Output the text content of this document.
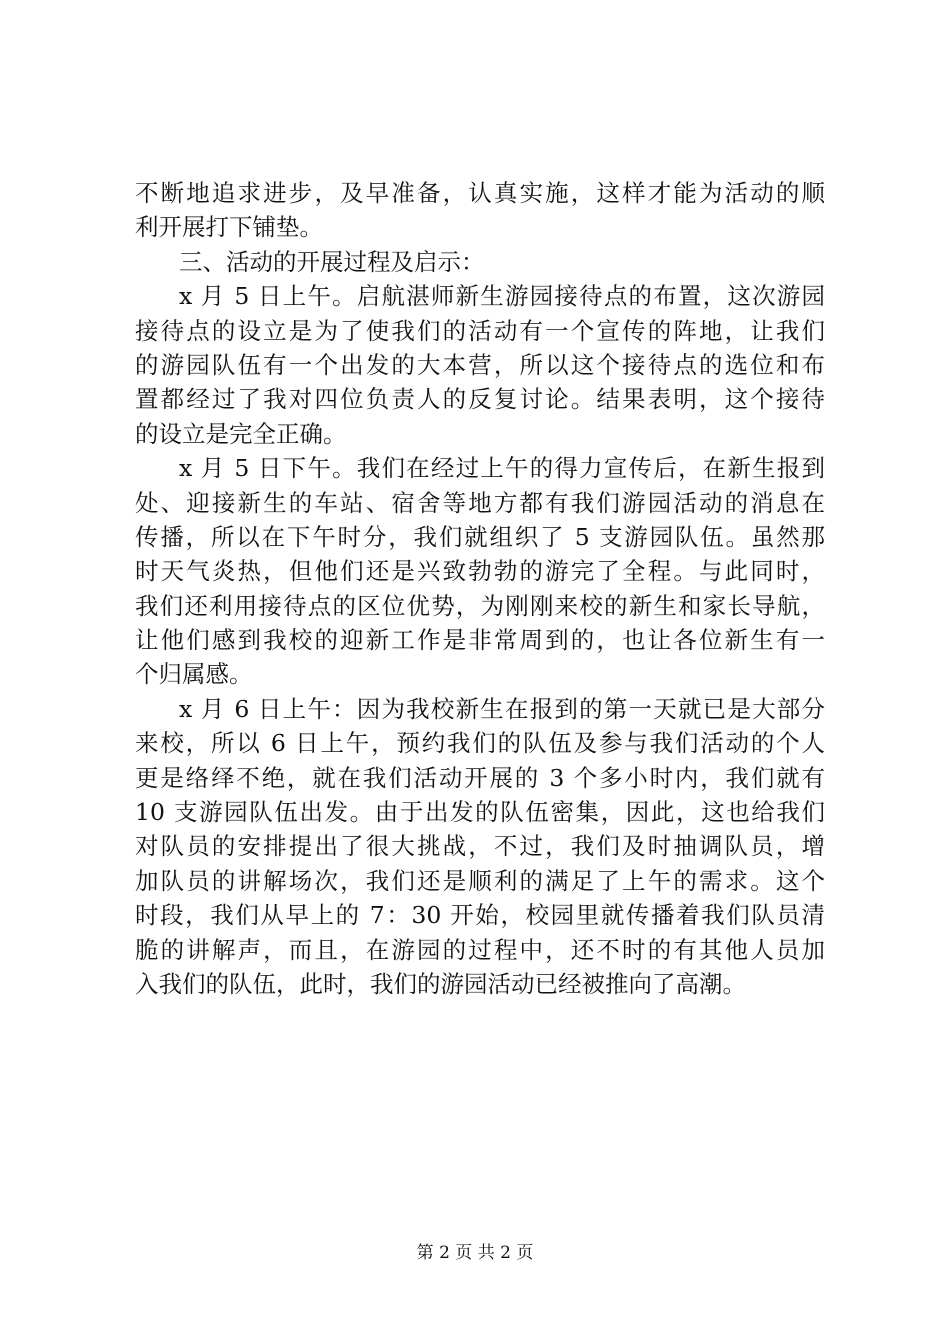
不断地追求进步，及早准备，认真实施，这样才能为活动的顺
利开展打下铺垫。
三、活动的开展过程及启示：
x 月 5 日上午。启航湛师新生游园接待点的布置，这次游园
接待点的设立是为了使我们的活动有一个宣传的阵地，让我们
的游园队伍有一个出发的大本营，所以这个接待点的选位和布
置都经过了我对四位负责人的反复讨论。结果表明，这个接待
的设立是完全正确。
x 月 5 日下午。我们在经过上午的得力宣传后，在新生报到
处、迎接新生的车站、宿舍等地方都有我们游园活动的消息在
传播，所以在下午时分，我们就组织了 5 支游园队伍。虽然那
时天气炎热，但他们还是兴致勃勃的游完了全程。与此同时，
我们还利用接待点的区位优势，为刚刚来校的新生和家长导航，
让他们感到我校的迎新工作是非常周到的，也让各位新生有一
个归属感。
x 月 6 日上午：因为我校新生在报到的第一天就已是大部分
来校，所以 6 日上午，预约我们的队伍及参与我们活动的个人
更是络绎不绝，就在我们活动开展的 3 个多小时内，我们就有
10 支游园队伍出发。由于出发的队伍密集，因此，这也给我们
对队员的安排提出了很大挑战，不过，我们及时抽调队员，增
加队员的讲解场次，我们还是顺利的满足了上午的需求。这个
时段，我们从早上的 7：30 开始，校园里就传播着我们队员清
脆的讲解声，而且，在游园的过程中，还不时的有其他人员加
入我们的队伍，此时，我们的游园活动已经被推向了高潮。
第 2 页 共 2 页
